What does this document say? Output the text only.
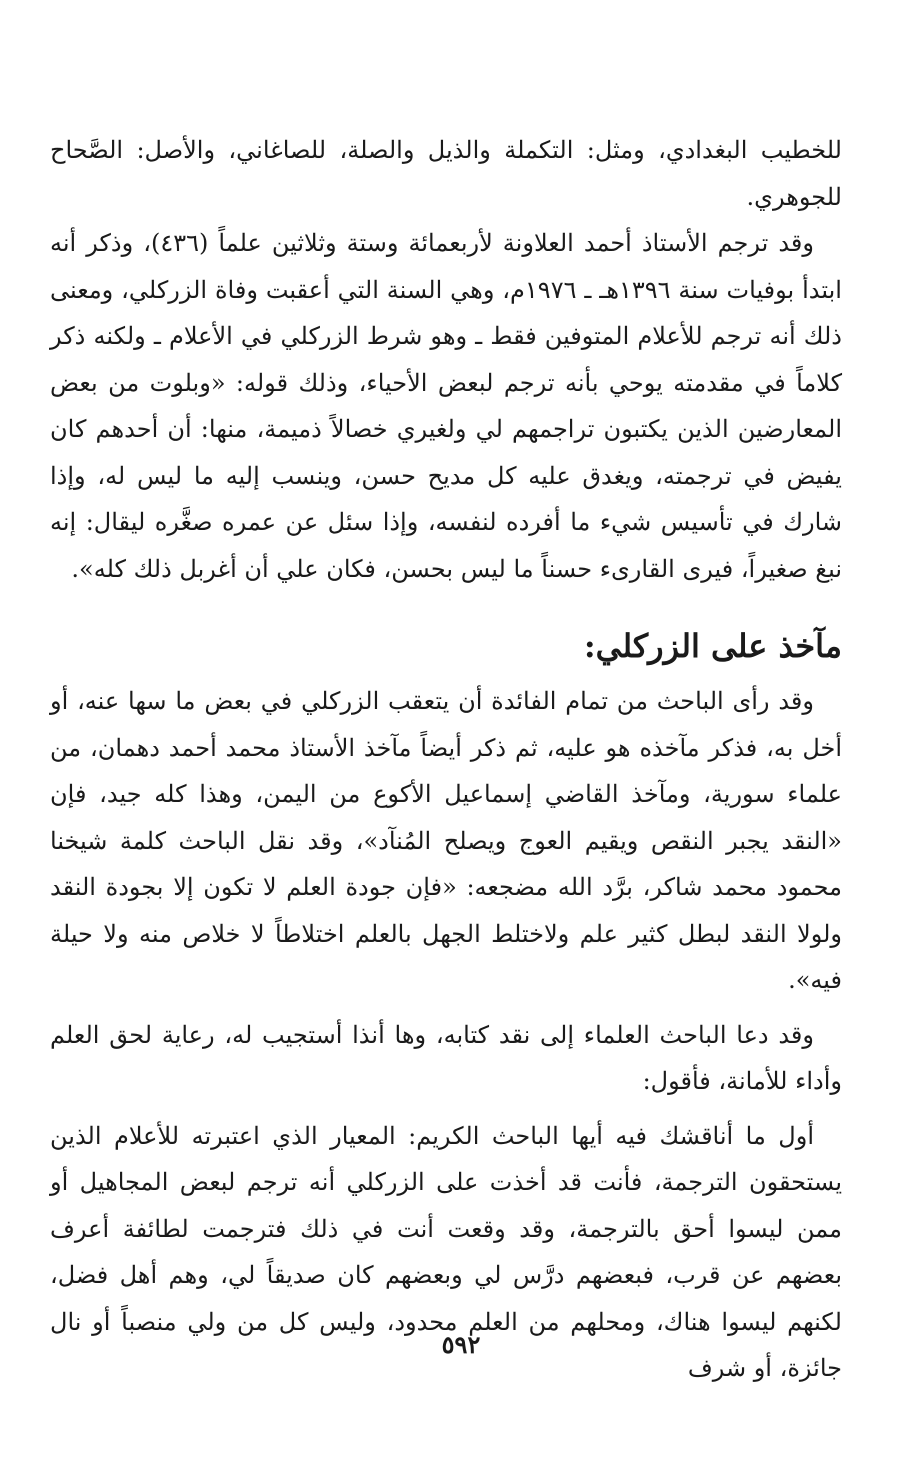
للخطيب البغدادي، ومثل: التكملة والذيل والصلة، للصاغاني، والأصل: الصَّحاح للجوهري.

وقد ترجم الأستاذ أحمد العلاونة لأربعمائة وستة وثلاثين علماً (٤٣٦)، وذكر أنه ابتدأ بوفيات سنة ١٣٩٦هـ ـ ١٩٧٦م، وهي السنة التي أعقبت وفاة الزركلي، ومعنى ذلك أنه ترجم للأعلام المتوفين فقط ـ وهو شرط الزركلي في الأعلام ـ ولكنه ذكر كلاماً في مقدمته يوحي بأنه ترجم لبعض الأحياء، وذلك قوله: «وبلوت من بعض المعارضين الذين يكتبون تراجمهم لي ولغيري خصالاً ذميمة، منها: أن أحدهم كان يفيض في ترجمته، ويغدق عليه كل مديح حسن، وينسب إليه ما ليس له، وإذا شارك في تأسيس شيء ما أفرده لنفسه، وإذا سئل عن عمره صغَّره ليقال: إنه نبغ صغيراً، فيرى القارىء حسناً ما ليس بحسن، فكان علي أن أغربل ذلك كله».

مآخذ على الزركلي:

وقد رأى الباحث من تمام الفائدة أن يتعقب الزركلي في بعض ما سها عنه، أو أخل به، فذكر مآخذه هو عليه، ثم ذكر أيضاً مآخذ الأستاذ محمد أحمد دهمان، من علماء سورية، ومآخذ القاضي إسماعيل الأكوع من اليمن، وهذا كله جيد، فإن «النقد يجبر النقص ويقيم العوج ويصلح المُنآد»، وقد نقل الباحث كلمة شيخنا محمود محمد شاكر، برَّد الله مضجعه: «فإن جودة العلم لا تكون إلا بجودة النقد ولولا النقد لبطل كثير علم ولاختلط الجهل بالعلم اختلاطاً لا خلاص منه ولا حيلة فيه».

وقد دعا الباحث العلماء إلى نقد كتابه، وها أنذا أستجيب له، رعاية لحق العلم وأداء للأمانة، فأقول:

أول ما أناقشك فيه أيها الباحث الكريم: المعيار الذي اعتبرته للأعلام الذين يستحقون الترجمة، فأنت قد أخذت على الزركلي أنه ترجم لبعض المجاهيل أو ممن ليسوا أحق بالترجمة، وقد وقعت أنت في ذلك فترجمت لطائفة أعرف بعضهم عن قرب، فبعضهم درَّس لي وبعضهم كان صديقاً لي، وهم أهل فضل، لكنهم ليسوا هناك، ومحلهم من العلم محدود، وليس كل من ولي منصباً أو نال جائزة، أو شرف

٥٩٢
